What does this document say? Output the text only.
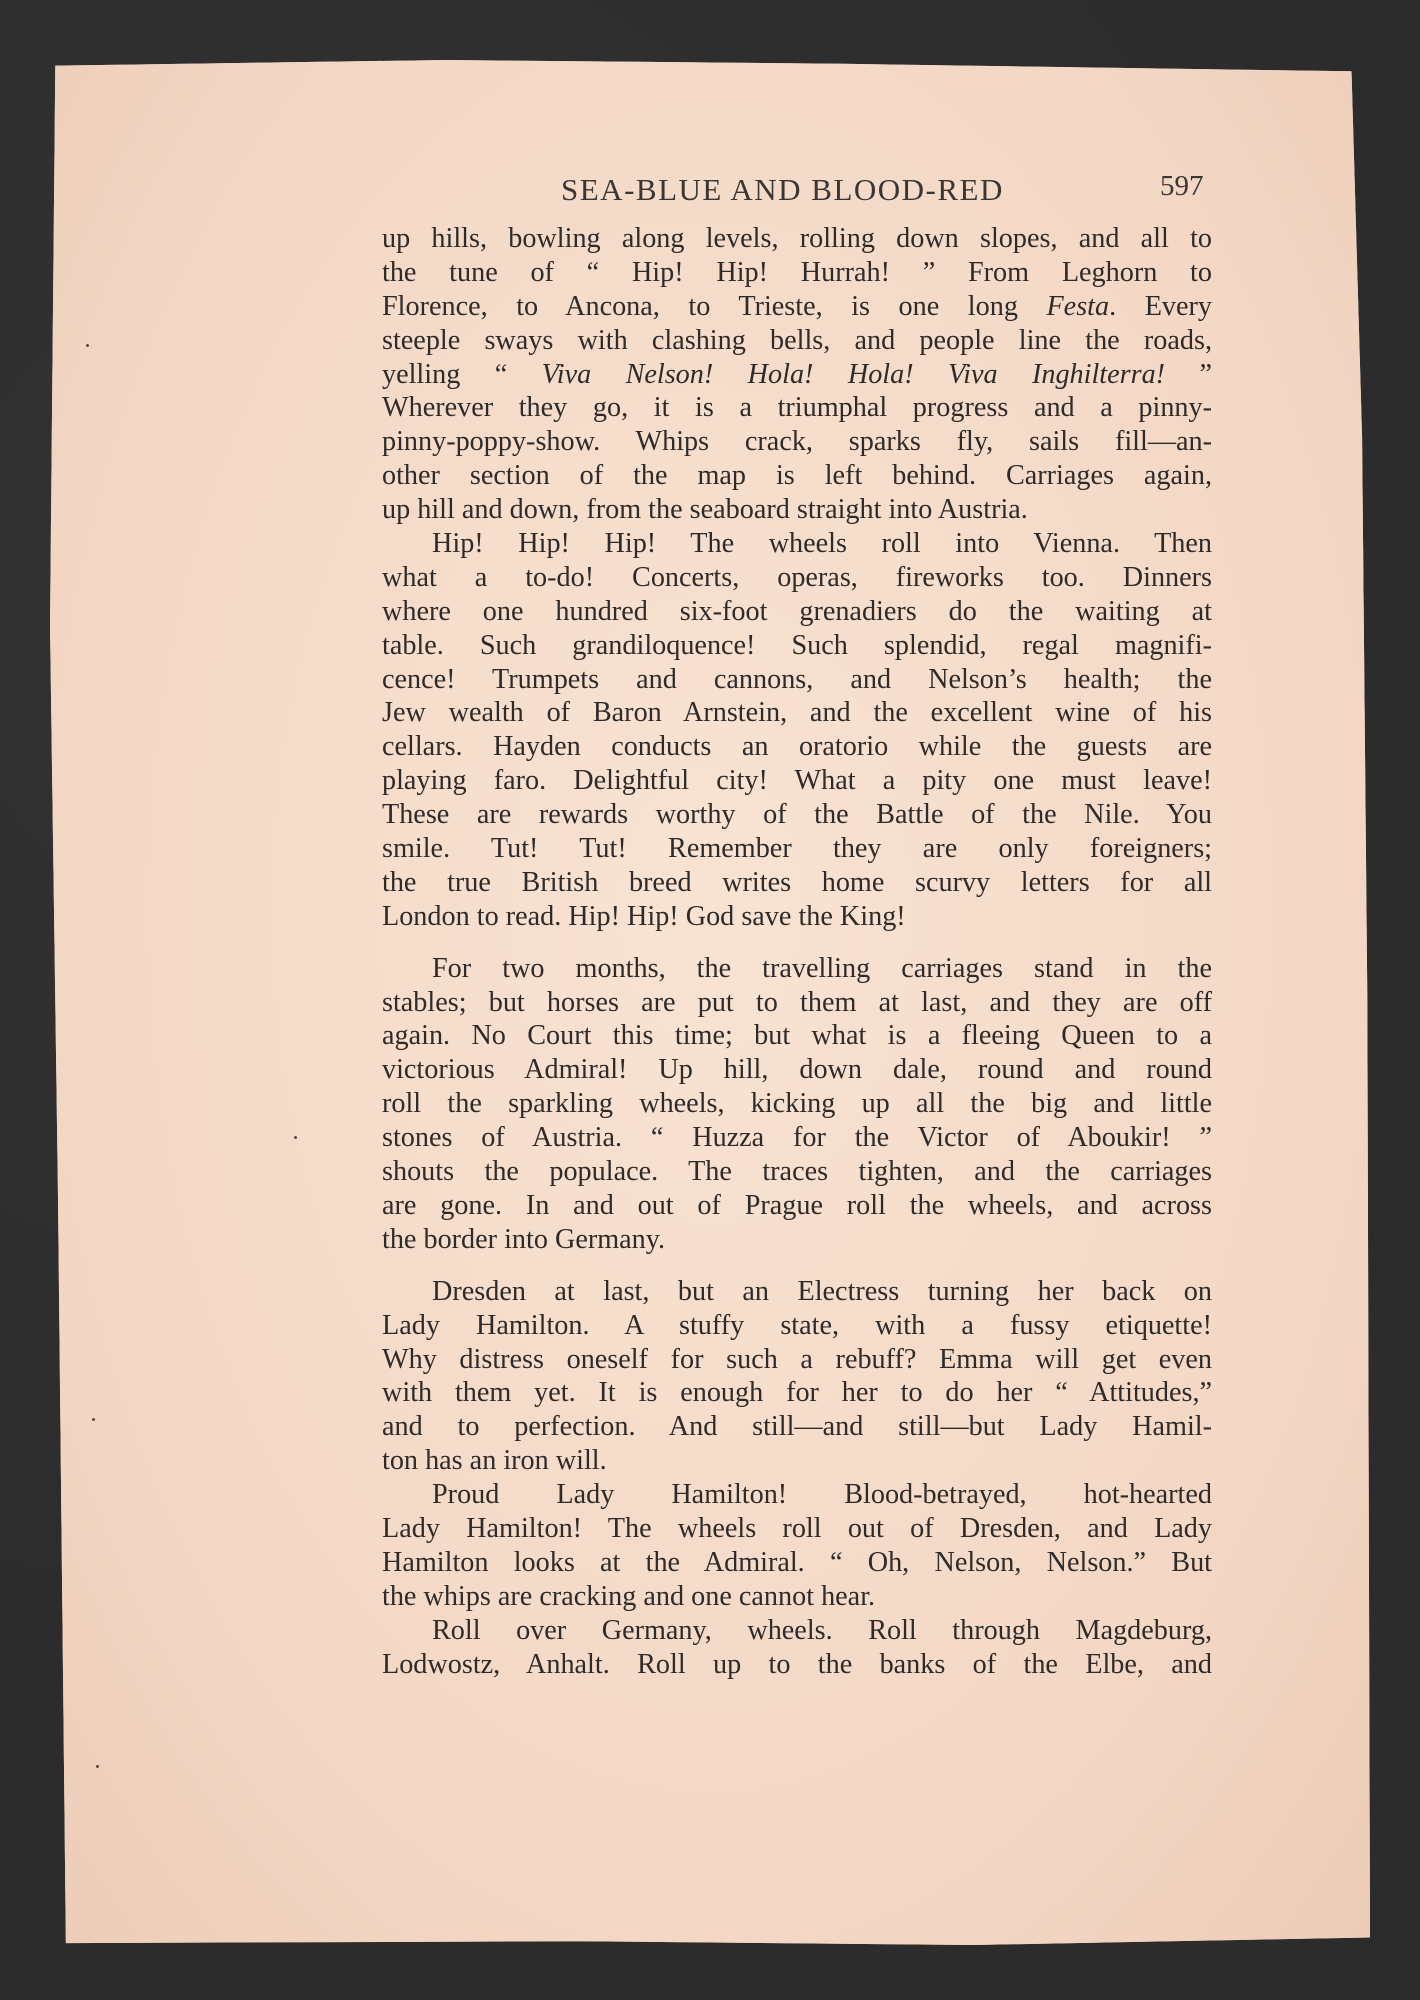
SEA-BLUE AND BLOOD-RED	597
up hills, bowling along levels, rolling down slopes, and all to
the tune of “ Hip! Hip! Hurrah! ” From Leghorn to
Florence, to Ancona, to Trieste, is one long Festa. Every
steeple sways with clashing bells, and people line the roads,
yelling “ Viva Nelson! Hola! Hola! Viva Inghilterra! ”
Wherever they go, it is a triumphal progress and a pinny-
pinny-poppy-show. Whips crack, sparks fly, sails fill—an-
other section of the map is left behind. Carriages again,
up hill and down, from the seaboard straight into Austria.
Hip! Hip! Hip! The wheels roll into Vienna. Then
what a to-do! Concerts, operas, fireworks too. Dinners
where one hundred six-foot grenadiers do the waiting at
table. Such grandiloquence! Such splendid, regal magnifi-
cence! Trumpets and cannons, and Nelson’s health; the
Jew wealth of Baron Arnstein, and the excellent wine of his
cellars. Hayden conducts an oratorio while the guests are
playing faro. Delightful city! What a pity one must leave!
These are rewards worthy of the Battle of the Nile. You
smile. Tut! Tut! Remember they are only foreigners;
the true British breed writes home scurvy letters for all
London to read. Hip! Hip! God save the King!
For two months, the travelling carriages stand in the
stables; but horses are put to them at last, and they are off
again. No Court this time; but what is a fleeing Queen to a
victorious Admiral! Up hill, down dale, round and round
roll the sparkling wheels, kicking up all the big and little
stones of Austria. “ Huzza for the Victor of Aboukir! ”
shouts the populace. The traces tighten, and the carriages
are gone. In and out of Prague roll the wheels, and across
the border into Germany.
Dresden at last, but an Electress turning her back on
Lady Hamilton. A stuffy state, with a fussy etiquette!
Why distress oneself for such a rebuff? Emma will get even
with them yet. It is enough for her to do her “ Attitudes,”
and to perfection. And still—and still—but Lady Hamil-
ton has an iron will.
Proud Lady Hamilton! Blood-betrayed, hot-hearted
Lady Hamilton! The wheels roll out of Dresden, and Lady
Hamilton looks at the Admiral. “ Oh, Nelson, Nelson.” But
the whips are cracking and one cannot hear.
Roll over Germany, wheels. Roll through Magdeburg,
Lodwostz, Anhalt. Roll up to the banks of the Elbe, and
